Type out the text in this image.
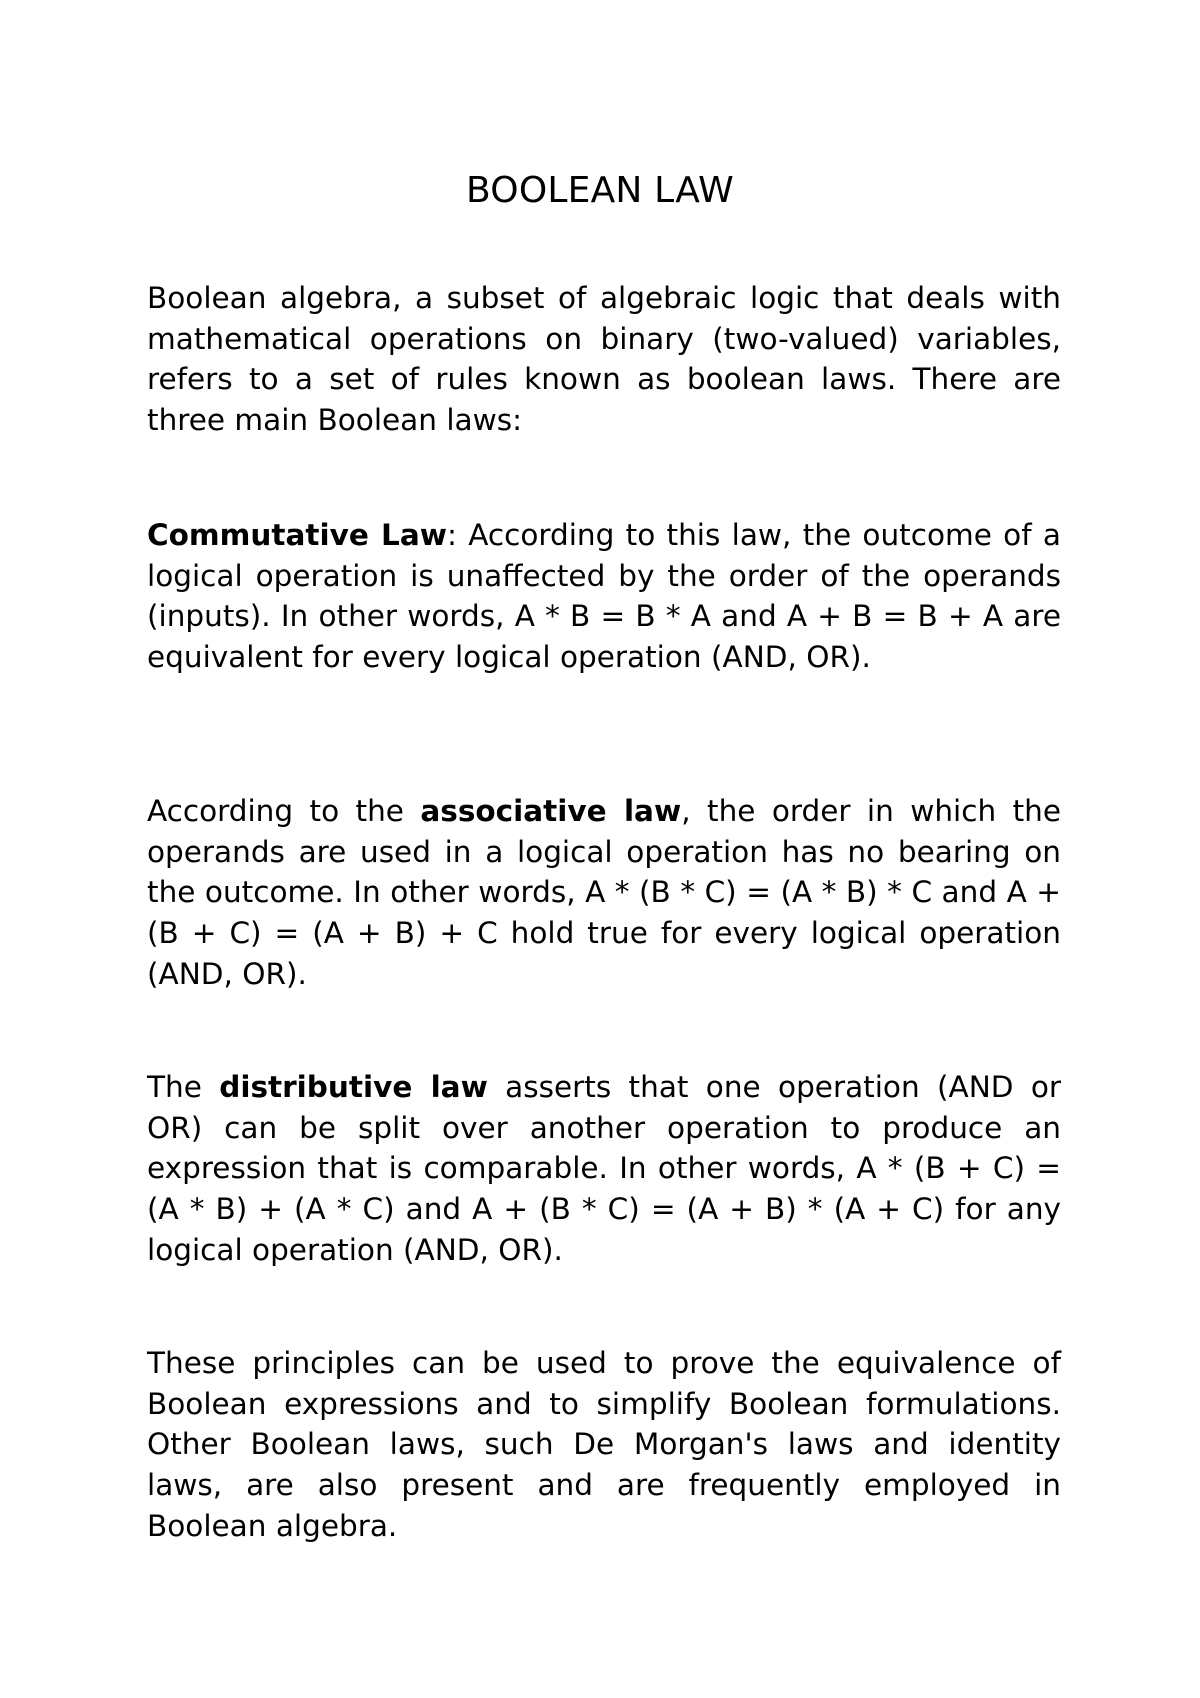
BOOLEAN LAW

Boolean algebra, a subset of algebraic logic that deals with mathematical operations on binary (two-valued) variables, refers to a set of rules known as boolean laws. There are three main Boolean laws:

Commutative Law: According to this law, the outcome of a logical operation is unaffected by the order of the operands (inputs). In other words, A * B = B * A and A + B = B + A are equivalent for every logical operation (AND, OR).

According to the associative law, the order in which the operands are used in a logical operation has no bearing on the outcome. In other words, A * (B * C) = (A * B) * C and A + (B + C) = (A + B) + C hold true for every logical operation (AND, OR).

The distributive law asserts that one operation (AND or OR) can be split over another operation to produce an expression that is comparable. In other words, A * (B + C) = (A * B) + (A * C) and A + (B * C) = (A + B) * (A + C) for any logical operation (AND, OR).

These principles can be used to prove the equivalence of Boolean expressions and to simplify Boolean formulations. Other Boolean laws, such De Morgan's laws and identity laws, are also present and are frequently employed in Boolean algebra.
